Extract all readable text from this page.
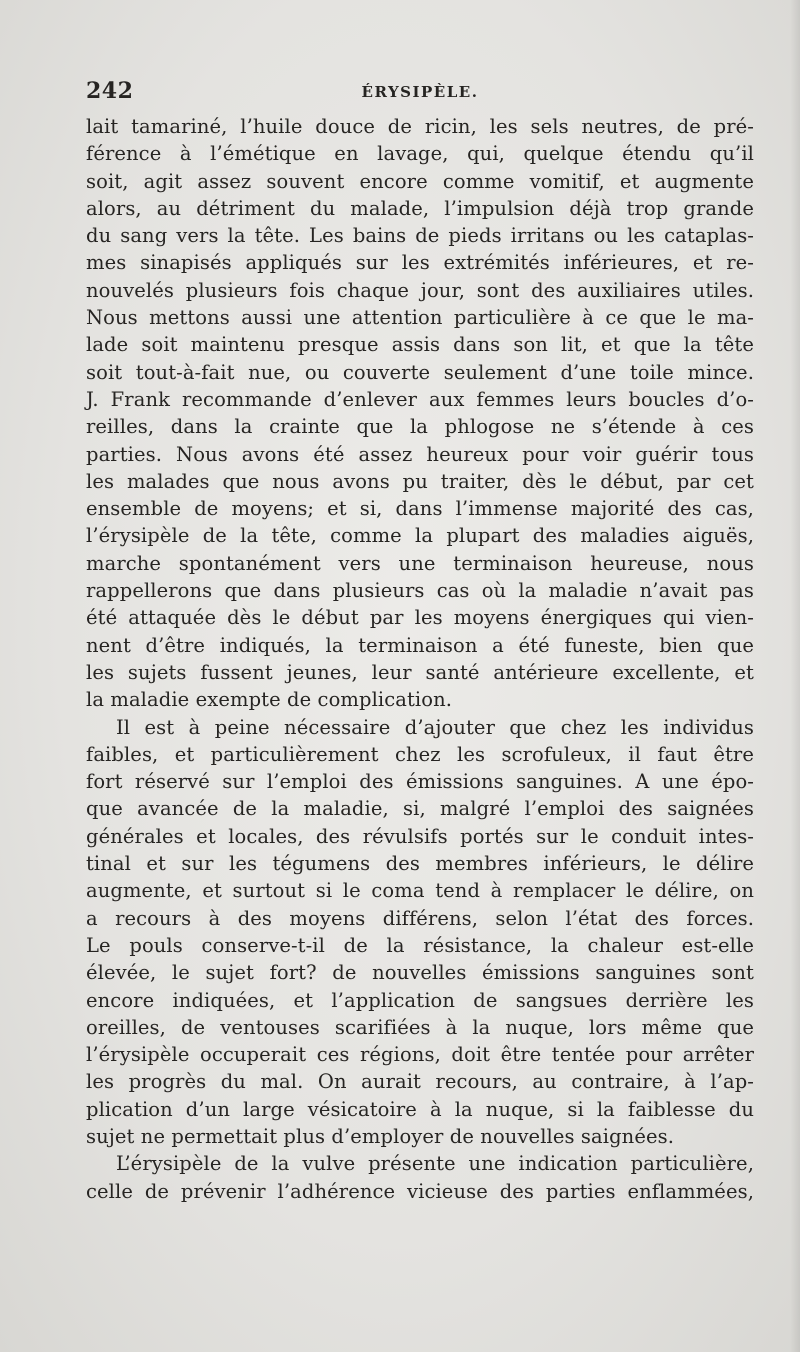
242	ÉRYSIPÈLE.
lait tamariné, l’huile douce de ricin, les sels neutres, de pré-
férence à l’émétique en lavage, qui, quelque étendu qu’il
soit, agit assez souvent encore comme vomitif, et augmente
alors, au détriment du malade, l’impulsion déjà trop grande
du sang vers la tête. Les bains de pieds irritans ou les cataplas-
mes sinapisés appliqués sur les extrémités inférieures, et re-
nouvelés plusieurs fois chaque jour, sont des auxiliaires utiles.
Nous mettons aussi une attention particulière à ce que le ma-
lade soit maintenu presque assis dans son lit, et que la tête
soit tout-à-fait nue, ou couverte seulement d’une toile mince.
J. Frank recommande d’enlever aux femmes leurs boucles d’o-
reilles, dans la crainte que la phlogose ne s’étende à ces
parties. Nous avons été assez heureux pour voir guérir tous
les malades que nous avons pu traiter, dès le début, par cet
ensemble de moyens; et si, dans l’immense majorité des cas,
l’érysipèle de la tête, comme la plupart des maladies aiguës,
marche spontanément vers une terminaison heureuse, nous
rappellerons que dans plusieurs cas où la maladie n’avait pas
été attaquée dès le début par les moyens énergiques qui vien-
nent d’être indiqués, la terminaison a été funeste, bien que
les sujets fussent jeunes, leur santé antérieure excellente, et
la maladie exempte de complication.
Il est à peine nécessaire d’ajouter que chez les individus
faibles, et particulièrement chez les scrofuleux, il faut être
fort réservé sur l’emploi des émissions sanguines. A une épo-
que avancée de la maladie, si, malgré l’emploi des saignées
générales et locales, des révulsifs portés sur le conduit intes-
tinal et sur les tégumens des membres inférieurs, le délire
augmente, et surtout si le coma tend à remplacer le délire, on
a recours à des moyens différens, selon l’état des forces.
Le pouls conserve-t-il de la résistance, la chaleur est-elle
élevée, le sujet fort? de nouvelles émissions sanguines sont
encore indiquées, et l’application de sangsues derrière les
oreilles, de ventouses scarifiées à la nuque, lors même que
l’érysipèle occuperait ces régions, doit être tentée pour arrêter
les progrès du mal. On aurait recours, au contraire, à l’ap-
plication d’un large vésicatoire à la nuque, si la faiblesse du
sujet ne permettait plus d’employer de nouvelles saignées.
L’érysipèle de la vulve présente une indication particulière,
celle de prévenir l’adhérence vicieuse des parties enflammées,
